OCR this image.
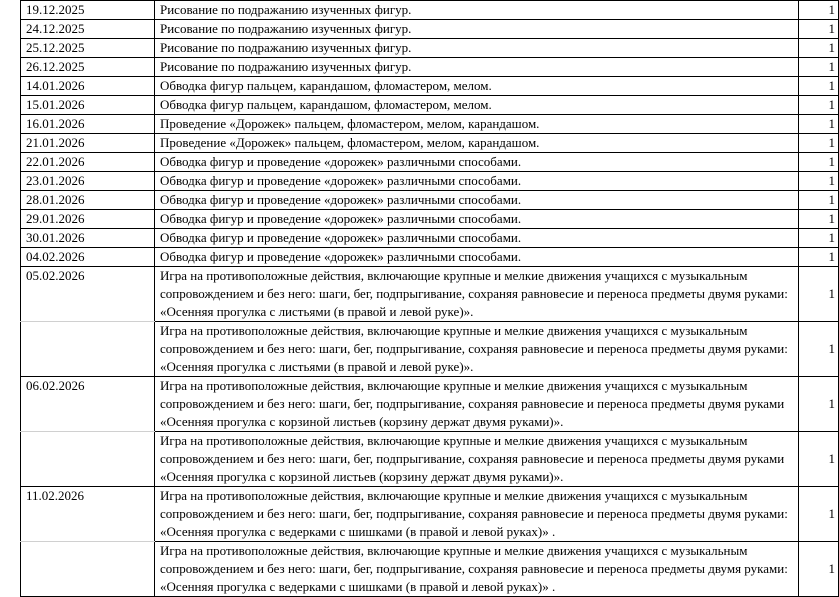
19.12.2025	Рисование по подражанию изученных фигур.	1
24.12.2025	Рисование по подражанию изученных фигур.	1
25.12.2025	Рисование по подражанию изученных фигур.	1
26.12.2025	Рисование по подражанию изученных фигур.	1
14.01.2026	Обводка фигур пальцем, карандашом, фломастером, мелом.	1
15.01.2026	Обводка фигур пальцем, карандашом, фломастером, мелом.	1
16.01.2026	Проведение «Дорожек» пальцем, фломастером, мелом, карандашом.	1
21.01.2026	Проведение «Дорожек» пальцем, фломастером, мелом, карандашом.	1
22.01.2026	Обводка фигур и проведение «дорожек» различными способами.	1
23.01.2026	Обводка фигур и проведение «дорожек» различными способами.	1
28.01.2026	Обводка фигур и проведение «дорожек» различными способами.	1
29.01.2026	Обводка фигур и проведение «дорожек» различными способами.	1
30.01.2026	Обводка фигур и проведение «дорожек» различными способами.	1
04.02.2026	Обводка фигур и проведение «дорожек» различными способами.	1
05.02.2026	Игра на противоположные действия, включающие крупные и мелкие движения учащихся с музыкальным сопровождением и без него: шаги, бег, подпрыгивание, сохраняя равновесие и переноса предметы двумя руками: «Осенняя прогулка с листьями (в правой и левой руке)».	1
	Игра на противоположные действия, включающие крупные и мелкие движения учащихся с музыкальным сопровождением и без него: шаги, бег, подпрыгивание, сохраняя равновесие и переноса предметы двумя руками: «Осенняя прогулка с листьями (в правой и левой руке)».	1
06.02.2026	Игра на противоположные действия, включающие крупные и мелкие движения учащихся с музыкальным сопровождением и без него: шаги, бег, подпрыгивание, сохраняя равновесие и переноса предметы двумя руками «Осенняя прогулка с корзиной листьев (корзину держат двумя руками)».	1
	Игра на противоположные действия, включающие крупные и мелкие движения учащихся с музыкальным сопровождением и без него: шаги, бег, подпрыгивание, сохраняя равновесие и переноса предметы двумя руками «Осенняя прогулка с корзиной листьев (корзину держат двумя руками)».	1
11.02.2026	Игра на противоположные действия, включающие крупные и мелкие движения учащихся с музыкальным сопровождением и без него: шаги, бег, подпрыгивание, сохраняя равновесие и переноса предметы двумя руками: «Осенняя прогулка с ведерками с шишками (в правой и левой руках)» .	1
	Игра на противоположные действия, включающие крупные и мелкие движения учащихся с музыкальным сопровождением и без него: шаги, бег, подпрыгивание, сохраняя равновесие и переноса предметы двумя руками: «Осенняя прогулка с ведерками с шишками (в правой и левой руках)» .	1
